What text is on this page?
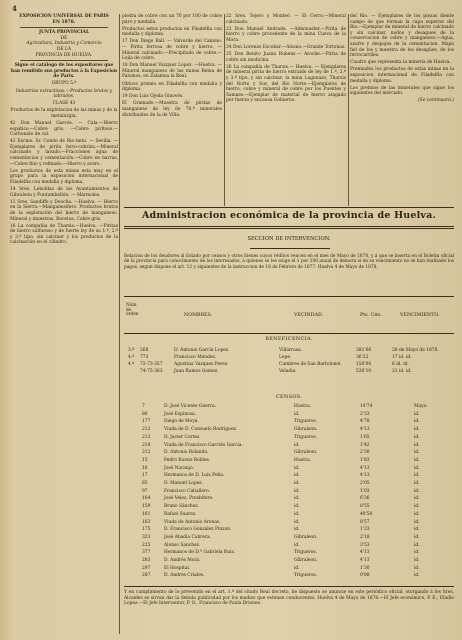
4
EXPOSICION UNIVERSAL DE PARIS
EN 1878.
JUNTA PROVINCIAL
DE
Agricultura, Industria y Comercio
DE LA
PROVINCIA DE HUELVA.

Sigue el catálogo de los expositores que han remitido sus productos á la Exposicion de Paris.

GRUPO 5.º

Industrias extractivas.—Productos brutos y labrados.

CLASE 43

Productos de la explotacion de las minas y de la metalurgia.

42 Don Manuel Garcés. — Cala.—Hierro espático.—Cobre gris. —Cobre piritoso.—Carbonato de cal.

43 Excmo. Sr. Conde de Rio-tinto. — Sevilla. — Ejemplares de pirita ferro-cobriza.—Mineral calcinado y lavado.—Fracciones agua de cementacion y cementación.—Cobre en barras.—Cobre fino y refinado.—Hierro y acero.

Los productos de esta minas esta muy en el grupo para la exposicion internacional de Filadelfia con medalla y diploma.

14 Sres. Leboldas de los Ayuntamientos de Gibraleón y Puntumbellón. — Mármoles.

15 Sres. Sandiffe y Doucha. —Huelva. — Hierro en la Sierra.—Manganesifero. Productos brutos de la explotación del hierro de manganeso. Mineral y muestras. Bocetos, Cobre gris.

16 La compañia de Tharsis.—Huelva. —Piritas de hierro sulfuroso y de fuerte ley de su 1.º, 2.º y 3.º tipo, sin calcinar y los productos de la calcinación en el cilindro.

piedra de cobre con un 70 por 100 de cobre puro y medalla.

Productos estos productos en Filadelfia con medalla y diploma.

17 Don Diego Ball. — Valverde del Camino. — Pirita ferrosa de cobre y hierro. — Mineral calcinado.—Precipitado de cobre.—Lejia de cobre.

18 Don Manuel Vazquez Lopez. —Huelva. —Mineral manganeso de las minas Reina de Palomos, en Zalamea la Real.

Obtuvo premio en Filadelfia con medalla y diploma.

19 Don Luis Ojeda Ginovés.

El Gramado.—Muestra de piritas de manganeso de ley de 70.º minerales distribuidos de la de Villa.

22 Sres. Tejero y Monteó. — El Cerro.—Mineral calcinado.

23 Don Manuel Andrade. —Almonaster.—Pirita de hierro y cobre procedente de la mina Cueva de la Mora.

24 Don Lorenzo Escobar.—Alosno.—Grande Tortonas.

25 Don Benito Juana Rubens.— Aroche.—Pirita de cobre sin medicina.

26 La compañía de Tharsis.— Huelva. — Ejemplares de mineral pirita de hierro extraido de ley de 1.º, 2.º y 3.º tipo, y sin calcinar; la mina Lagunazo, Tharsis del Norte y Sur, del Rio Norte.—Ejemplares de hierro, cobre y mineral de cobre por los Puentes y Samaes.—Ejemplar de material de hierro atagado por fuerza y encausa Gobierno.

del Rio. — Ejemplares de los piezas diente campo de que forman la capa superior del Rio.—Ejemplar de mineral de hierro calcinado y sin calcinar, nodos y desagues de la conservacion de cobre y manganeso.—Agua, azufre y despojos de la cementacion. Mapa fiel de los y muestra de los desagües, de los ferrocarriles.

Cuadro que representa la mineria de Huelva.

Premiados los productos de estas minas en la exposicion internacional de Filadelfia con medalla y diploma.

Los premios de las minerales que sigue los siguientes del mercado.

(Se continuará.)

Administracion económica de la provincia de Huelva.
SECCION DE INTERVENCION.
Relacion de los deudores al Estado por censos y otros bienes cuyos réditos vencen en el mes de Mayo de 1878, y á que se inserta en el Boletin oficial de la provincia para conocimiento de los interesados, á quienes se les exige el 1 por 100 anual de demora si en su vencimiento no se han realizado los pagos, segun dispone el art. 12 y siguientes de la instruccion de 18 de Febrero de 1877. Huelva 4 de Mayo de 1878.
Núm. de orden	NOMBRES.	VECINDAD.	Pts. Cén.	VENCIMIENTO.
BENEFICENCIA.
3.º 268	D. Antonio García Lopez.	Villarrasa.	381'66	28 de Mayo de 1878.
4.º 773	Francisco Mendez.	Lepe.	36'22	17 id. id.
4.º 72-73-357	Agustina Vazquez Perez.	Cumbres de San Bartolomé.	150'00	6 id. id.
74-75-363	Juan Ramos Gomez.	Veladia.	536'10	21 id. id.
CENSOS.
7	D. José Vicente Guerra.	Huelva.	14'74	Mayo.
80	José Espinosa.	id.	2'33	id.
177	Diego de Moya.	Trigueros.	4'78	id.
212	Viuda de D. Consuelo Rodriguez.	Gibraleon.	4'13	id.
213	D. Javier Cortes.	Trigueros.	1'65	id.
214	Viuda de Francisco Garrido Garcia.	id.	1'42	id.
212	D. Antonio Rolando.	Gibraleon.	2'30	id.
15	Pedro Bueno Robles.	Huelva.	1'83	id.
16	José Naranjo.	id.	4'13	id.
17	Hermanos de D. Luis Peña.	id.	4'13	id.
85	D. Manuel Lopez.	id.	2'05	id.
97	Francisco Caballero.	id.	1'03	id.
164	José Velez, Presbítero.	id.	6'36	id.
159	Bruno Sánchez.	id.	8'55	id.
161	Rafael Suarez.	id.	49'50	id.
163	Viuda de Antonio Arenas.	id.	8'57	id.
175	D. Francisco Gonzalez Pinzon.	id.	1'23	id.
323	José Abadía Cabrera.	Gibraleon.	2'18	id.
225	Alonso Sanchez.	id.	3'53	id.
377	Hermanos de D.ª Gabriela Ruiz.	Trigueros.	4'13	id.
283	D. Andrés Mora.	Gibraleon.	4'13	id.
297	El Hospital.	id.	1'30	id.
287	D. Andrés Criales.	Trigueros.	0'88	id.
Y en cumplimiento de lo prevenido en el art. 1.º del citado Real decreto, he dispuesto se anuncie en este periódico oficial, otorgando á los Sres. Alcaldes se sirvan dar la debida publicidad por los medios que estimen conducentes. Huelva 4 de Mayo de 1878.—El Jefe económico, P. E., Eladio Lopez.—El Jefe Interventor, P. O., Francisco de Paula Briones.
